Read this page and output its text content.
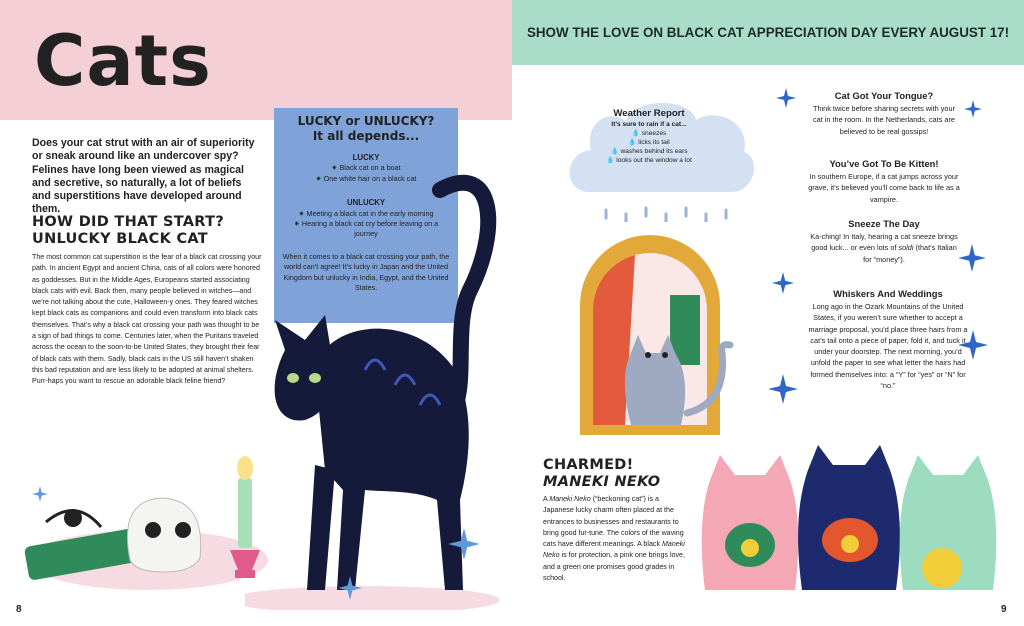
Cats	SHOW THE LOVE ON BLACK CAT APPRECIATION DAY EVERY AUGUST 17!
Does your cat strut with an air of superiority or sneak around like an undercover spy? Felines have long been viewed as magical and secretive, so naturally, a lot of beliefs and superstitions have developed around them.
HOW DID THAT START?
UNLUCKY BLACK CAT
The most common cat superstition is the fear of a black cat crossing your path. In ancient Egypt and ancient China, cats of all colors were honored as goddesses. But in the Middle Ages, Europeans started associating black cats with evil. Back then, many people believed in witches—and we’re not talking about the cute, Halloween-y ones. They feared witches kept black cats as companions and could even transform into black cats themselves. That’s why a black cat crossing your path was thought to be a sign of bad things to come. Centuries later, when the Puritans traveled across the ocean to the soon-to-be United States, they brought their fear of black cats with them. Sadly, black cats in the US still haven’t shaken this bad reputation and are less likely to be adopted at animal shelters. Purr-haps you want to rescue an adorable black feline friend?
LUCKY or UNLUCKY?
It all depends...
LUCKY
✷ Black cat on a boat
✷ One white hair on a black cat
UNLUCKY
✷ Meeting a black cat in the early morning
✷ Hearing a black cat cry before leaving on a journey
When it comes to a black cat crossing your path, the world can’t agree! It’s lucky in Japan and the United Kingdom but unlucky in India, Egypt, and the United States.
Weather Report
It’s sure to rain if a cat...
💧 sneezes
💧 licks its tail
💧 washes behind its ears
💧 looks out the window a lot
Cat Got Your Tongue?
Think twice before sharing secrets with your cat in the room. In the Netherlands, cats are believed to be real gossips!
You’ve Got To Be Kitten!
In southern Europe, if a cat jumps across your grave, it’s believed you’ll come back to life as a vampire.
Sneeze The Day
Ka-ching! In Italy, hearing a cat sneeze brings good luck... or even lots of soldi (that’s Italian for “money”).
Whiskers And Weddings
Long ago in the Ozark Mountains of the United States, if you weren’t sure whether to accept a marriage proposal, you’d place three hairs from a cat’s tail onto a piece of paper, fold it, and tuck it under your doorstep. The next morning, you’d unfold the paper to see what letter the hairs had formed themselves into: a “Y” for “yes” or “N” for “no.”
CHARMED!
MANEKI NEKO
A Maneki Neko (“beckoning cat”) is a Japanese lucky charm often placed at the entrances to businesses and restaurants to bring good fur-tune. The colors of the waving cats have different meanings. A black Maneki Neko is for protection, a pink one brings love, and a green one promises good grades in school.
8	9
